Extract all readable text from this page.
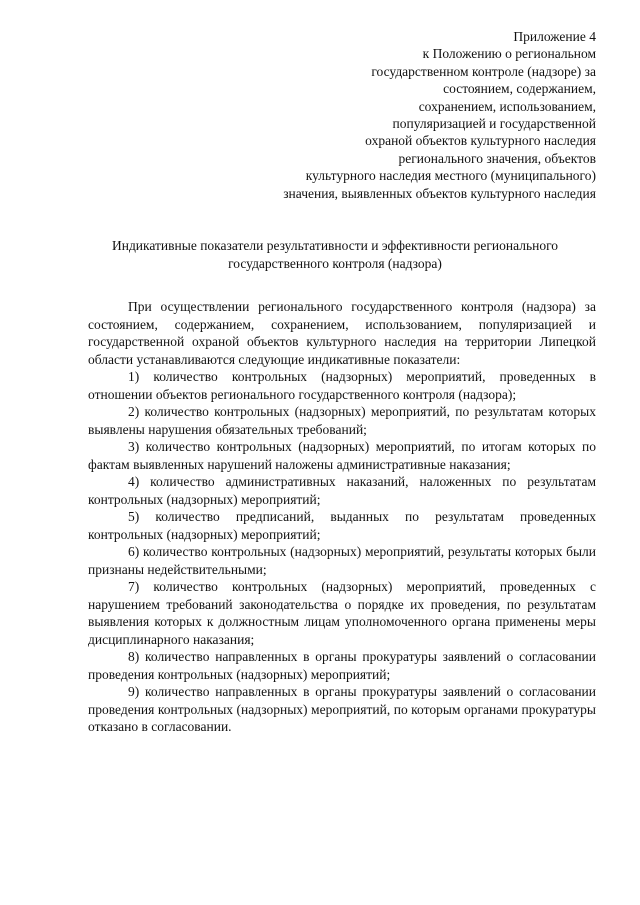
Приложение 4
к Положению о региональном
государственном контроле (надзоре) за
состоянием, содержанием,
сохранением, использованием,
популяризацией и государственной
охраной объектов культурного наследия
регионального значения, объектов
культурного наследия местного (муниципального)
значения, выявленных объектов культурного наследия
Индикативные показатели результативности и эффективности регионального
государственного контроля (надзора)

При осуществлении регионального государственного контроля (надзора) за состоянием, содержанием, сохранением, использованием, популяризацией и государственной охраной объектов культурного наследия на территории Липецкой области устанавливаются следующие индикативные показатели:

1) количество контрольных (надзорных) мероприятий, проведенных в отношении объектов регионального государственного контроля (надзора);

2) количество контрольных (надзорных) мероприятий, по результатам которых выявлены нарушения обязательных требований;

3) количество контрольных (надзорных) мероприятий, по итогам которых по фактам выявленных нарушений наложены административные наказания;

4) количество административных наказаний, наложенных по результатам контрольных (надзорных) мероприятий;

5) количество предписаний, выданных по результатам проведенных контрольных (надзорных) мероприятий;

6) количество контрольных (надзорных) мероприятий, результаты которых были признаны недействительными;

7) количество контрольных (надзорных) мероприятий, проведенных с нарушением требований законодательства о порядке их проведения, по результатам выявления которых к должностным лицам уполномоченного органа применены меры дисциплинарного наказания;

8) количество направленных в органы прокуратуры заявлений о согласовании проведения контрольных (надзорных) мероприятий;

9) количество направленных в органы прокуратуры заявлений о согласовании проведения контрольных (надзорных) мероприятий, по которым органами прокуратуры отказано в согласовании.
